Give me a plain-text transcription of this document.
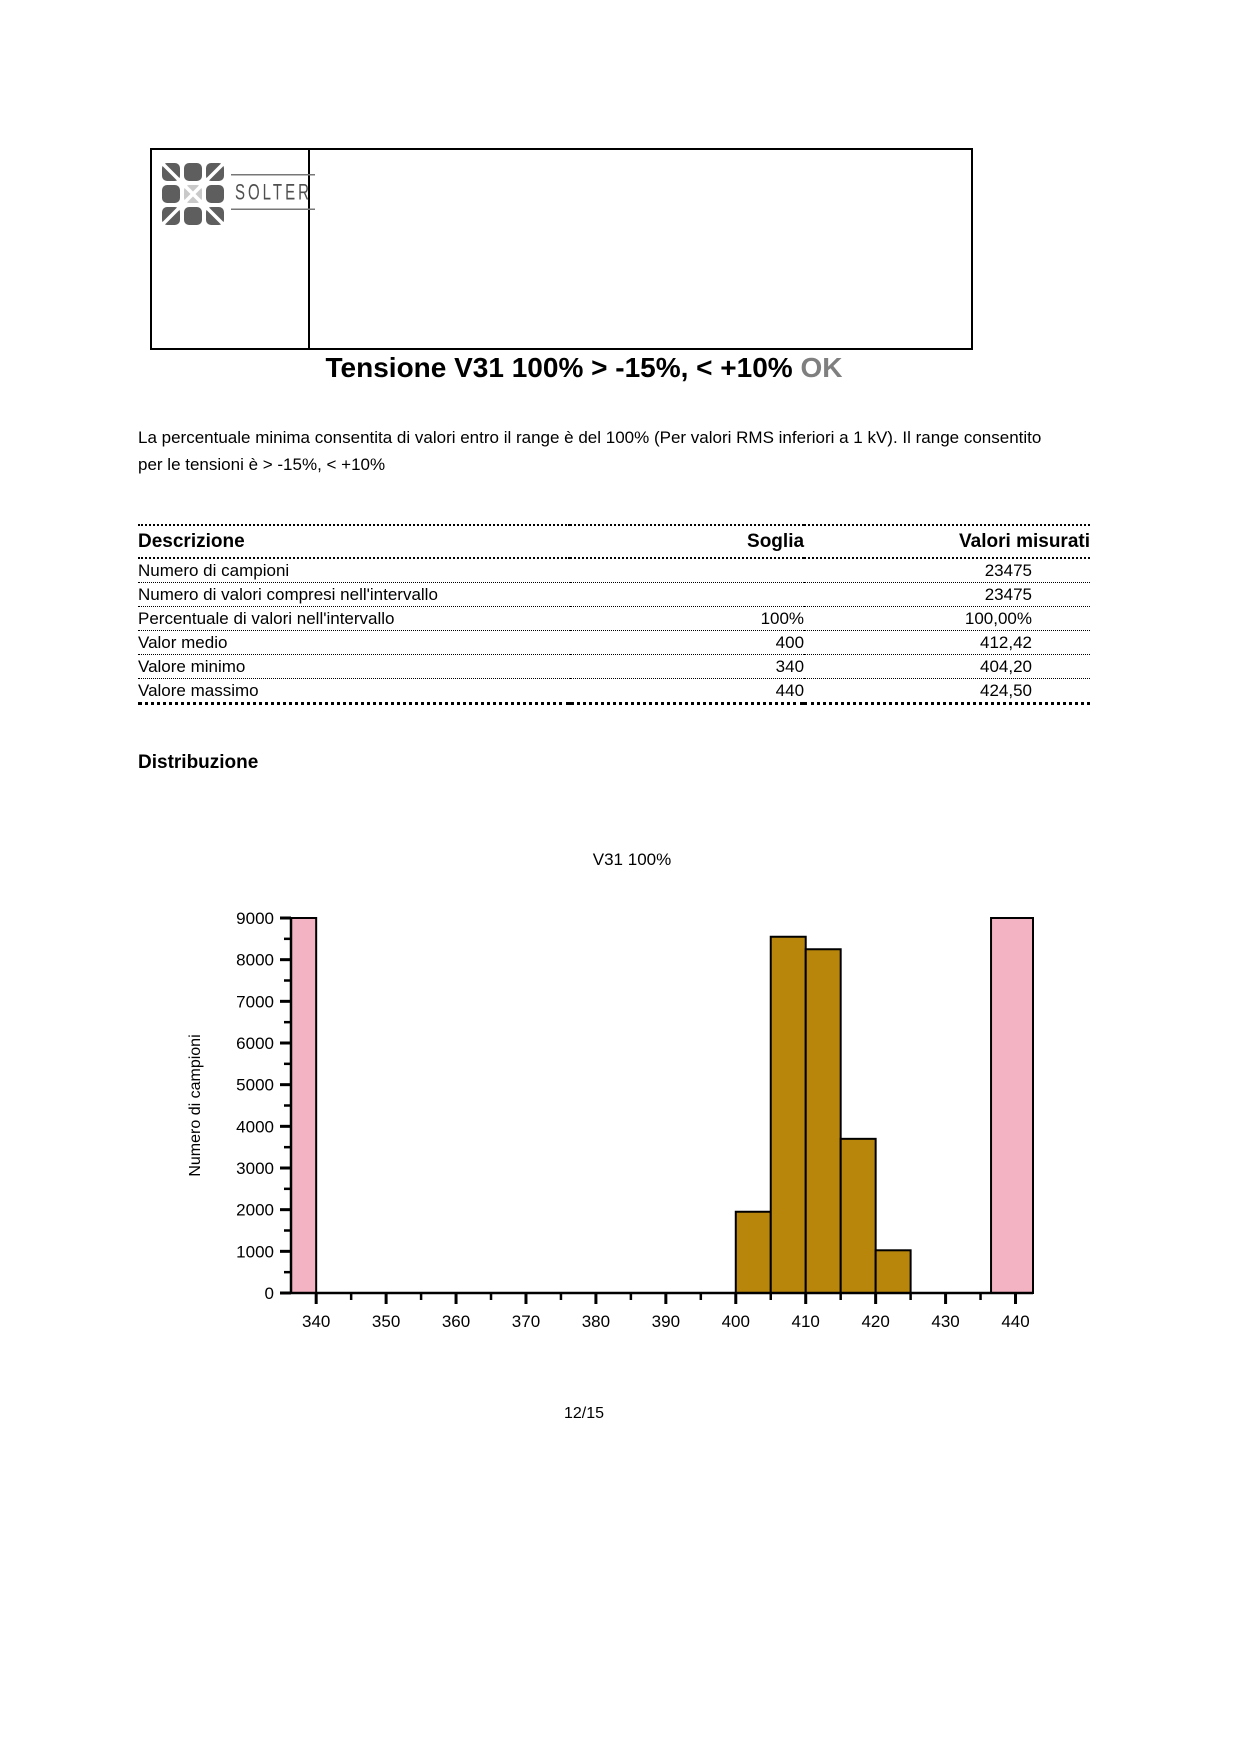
SOLTER
Tensione V31 100% > -15%, < +10% OK
La percentuale minima consentita di valori entro il range è del 100% (Per valori RMS inferiori a 1 kV). Il range consentito per le tensioni è > -15%, < +10%
Descrizione	Soglia	Valori misurati
Numero di campioni		23475
Numero di valori compresi nell'intervallo		23475
Percentuale di valori nell'intervallo	100%	100,00%
Valor medio	400	412,42
Valore minimo	340	404,20
Valore massimo	440	424,50
Distribuzione
340 350 360 370 380 390 400 410 420 430 440
0
1000
2000
3000
4000
5000
6000
7000
8000
9000
V31 100%
Numero di campioni
12/15
